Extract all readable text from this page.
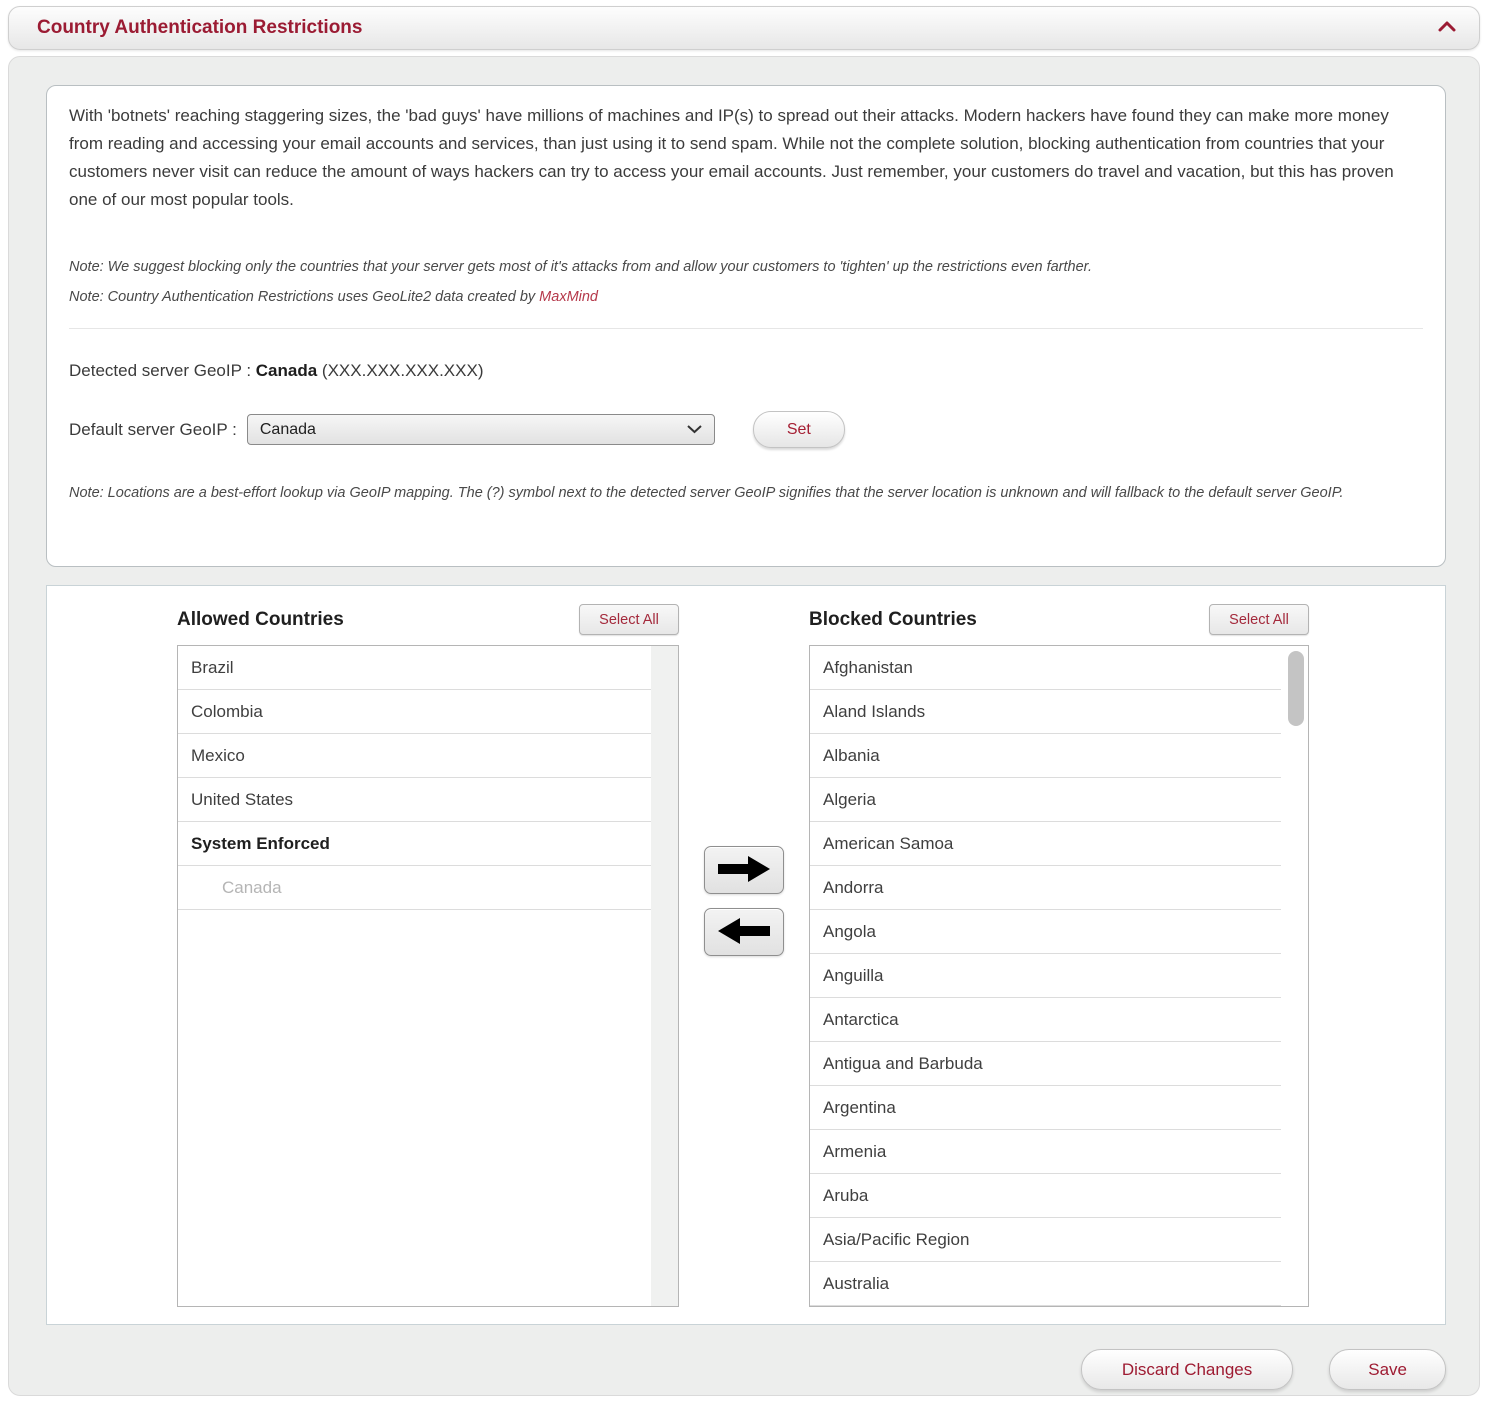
Country Authentication Restrictions

With 'botnets' reaching staggering sizes, the 'bad guys' have millions of machines and IP(s) to spread out their attacks. Modern hackers have found they can make more money from reading and accessing your email accounts and services, than just using it to send spam. While not the complete solution, blocking authentication from countries that your customers never visit can reduce the amount of ways hackers can try to access your email accounts. Just remember, your customers do travel and vacation, but this has proven one of our most popular tools.

Note: We suggest blocking only the countries that your server gets most of it's attacks from and allow your customers to 'tighten' up the restrictions even farther.
Note: Country Authentication Restrictions uses GeoLite2 data created by MaxMind
Detected server GeoIP : Canada (XXX.XXX.XXX.XXX)
Default server GeoIP : Canada	Set
Note: Locations are a best-effort lookup via GeoIP mapping. The (?) symbol next to the detected server GeoIP signifies that the server location is unknown and will fallback to the default server GeoIP.
Allowed Countries	Select All
Brazil
Colombia
Mexico
United States
System Enforced
Canada
Blocked Countries	Select All
Afghanistan
Aland Islands
Albania
Algeria
American Samoa
Andorra
Angola
Anguilla
Antarctica
Antigua and Barbuda
Argentina
Armenia
Aruba
Asia/Pacific Region
Australia
Discard Changes	Save
